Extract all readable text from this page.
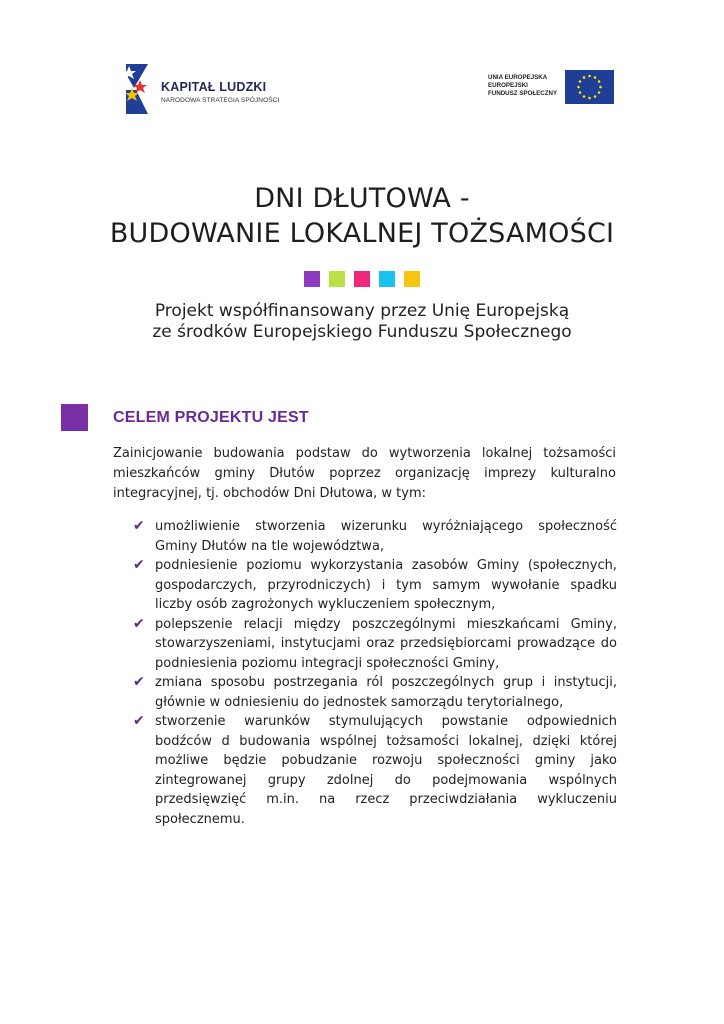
KAPITAŁ LUDZKI
NARODOWA STRATEGIA SPÓJNOŚCI
UNIA EUROPEJSKA
EUROPEJSKI
FUNDUSZ SPOŁECZNY
DNI DŁUTOWA -
BUDOWANIE LOKALNEJ TOŻSAMOŚCI
Projekt współfinansowany przez Unię Europejską
ze środków Europejskiego Funduszu Społecznego
CELEM PROJEKTU JEST
Zainicjowanie budowania podstaw do wytworzenia lokalnej tożsamości mieszkańców gminy Dłutów poprzez organizację imprezy kulturalno integracyjnej, tj. obchodów Dni Dłutowa, w tym:
✔ umożliwienie stworzenia wizerunku wyróżniającego społeczność Gminy Dłutów na tle województwa,
✔ podniesienie poziomu wykorzystania zasobów Gminy (społecznych, gospodarczych, przyrodniczych) i tym samym wywołanie spadku liczby osób zagrożonych wykluczeniem społecznym,
✔ polepszenie relacji między poszczególnymi mieszkańcami Gminy, stowarzyszeniami, instytucjami oraz przedsiębiorcami prowadzące do podniesienia poziomu integracji społeczności Gminy,
✔ zmiana sposobu postrzegania ról poszczególnych grup i instytucji, głównie w odniesieniu do jednostek samorządu terytorialnego,
✔ stworzenie warunków stymulujących powstanie odpowiednich bodźców d budowania wspólnej tożsamości lokalnej, dzięki której możliwe będzie pobudzanie rozwoju społeczności gminy jako zintegrowanej grupy zdolnej do podejmowania wspólnych przedsięwzięć m.in. na rzecz przeciwdziałania wykluczeniu społecznemu.
